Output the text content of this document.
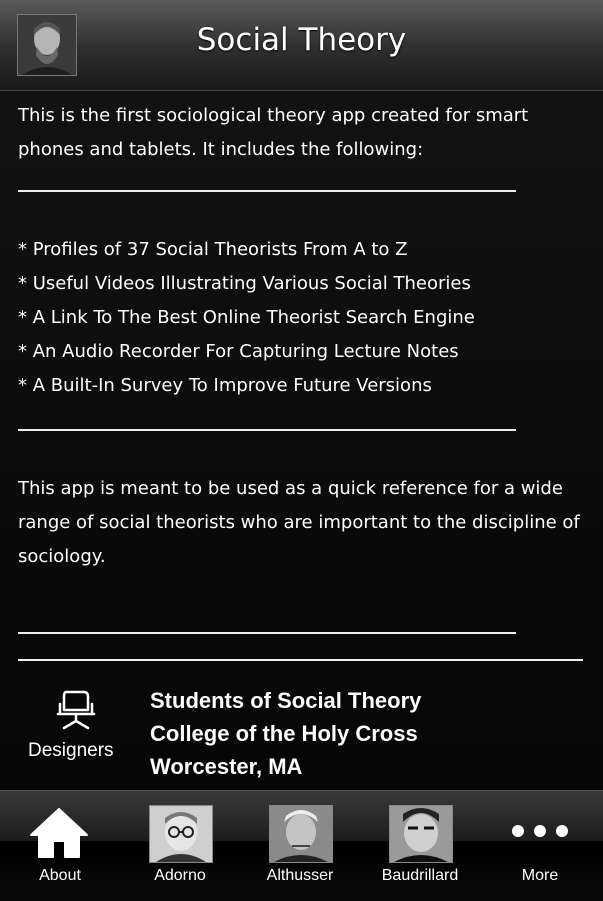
Social Theory
This is the first sociological theory app created for smart phones and tablets. It includes the following:
* Profiles of 37 Social Theorists From A to Z
* Useful Videos Illustrating Various Social Theories
* A Link To The Best Online Theorist Search Engine
* An Audio Recorder For Capturing Lecture Notes
* A Built-In Survey To Improve Future Versions
This app is meant to be used as a quick reference for a wide range of social theorists who are important to the discipline of sociology.
Designers
Students of Social Theory
College of the Holy Cross
Worcester, MA
About	Adorno	Althusser	Baudrillard	More
